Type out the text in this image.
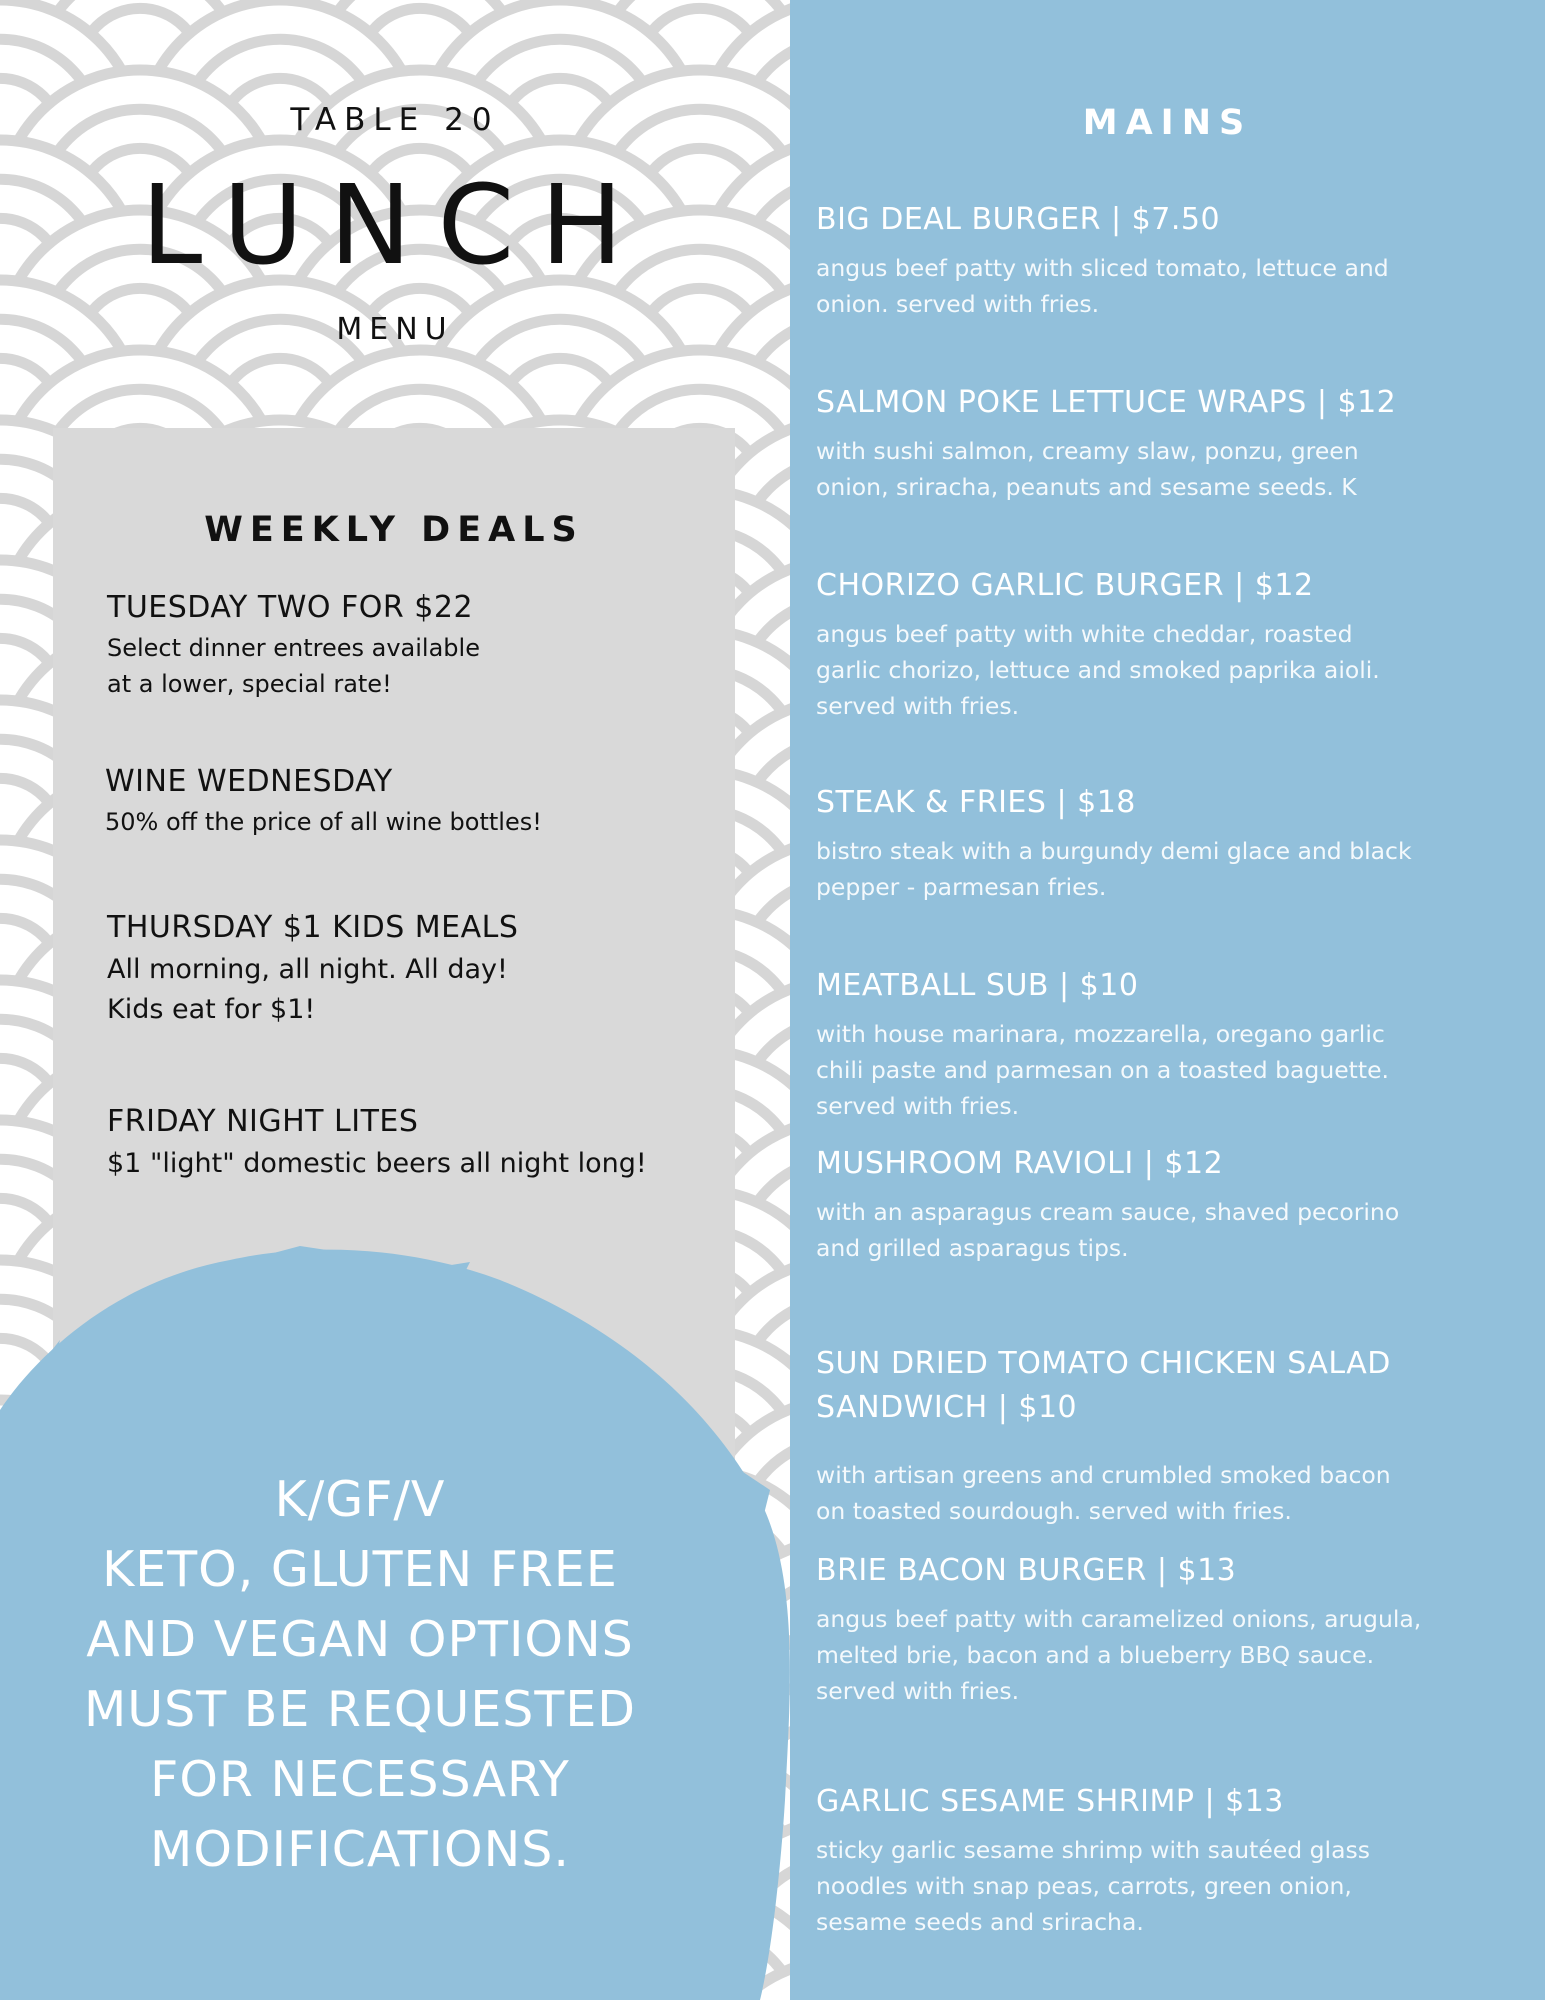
TABLE 20
LUNCH
MENU
WEEKLY DEALS
TUESDAY TWO FOR $22
Select dinner entrees available
at a lower, special rate!
WINE WEDNESDAY
50% off the price of all wine bottles!
THURSDAY $1 KIDS MEALS
All morning, all night. All day!
Kids eat for $1!
FRIDAY NIGHT LITES
$1 "light" domestic beers all night long!
K/GF/V
KETO, GLUTEN FREE
AND VEGAN OPTIONS
MUST BE REQUESTED
FOR NECESSARY
MODIFICATIONS.
MAINS
BIG DEAL BURGER | $7.50
angus beef patty with sliced tomato, lettuce and
onion. served with fries.
SALMON POKE LETTUCE WRAPS | $12
with sushi salmon, creamy slaw, ponzu, green
onion, sriracha, peanuts and sesame seeds. K
CHORIZO GARLIC BURGER | $12
angus beef patty with white cheddar, roasted
garlic chorizo, lettuce and smoked paprika aioli.
served with fries.
STEAK & FRIES | $18
bistro steak with a burgundy demi glace and black
pepper - parmesan fries.
MEATBALL SUB | $10
with house marinara, mozzarella, oregano garlic
chili paste and parmesan on a toasted baguette.
served with fries.
MUSHROOM RAVIOLI | $12
with an asparagus cream sauce, shaved pecorino
and grilled asparagus tips.

SUN DRIED TOMATO CHICKEN SALAD
SANDWICH | $10

with artisan greens and crumbled smoked bacon
on toasted sourdough. served with fries.

BRIE BACON BURGER | $13
angus beef patty with caramelized onions, arugula,
melted brie, bacon and a blueberry BBQ sauce.
served with fries.
GARLIC SESAME SHRIMP | $13
sticky garlic sesame shrimp with sautéed glass
noodles with snap peas, carrots, green onion,
sesame seeds and sriracha.
